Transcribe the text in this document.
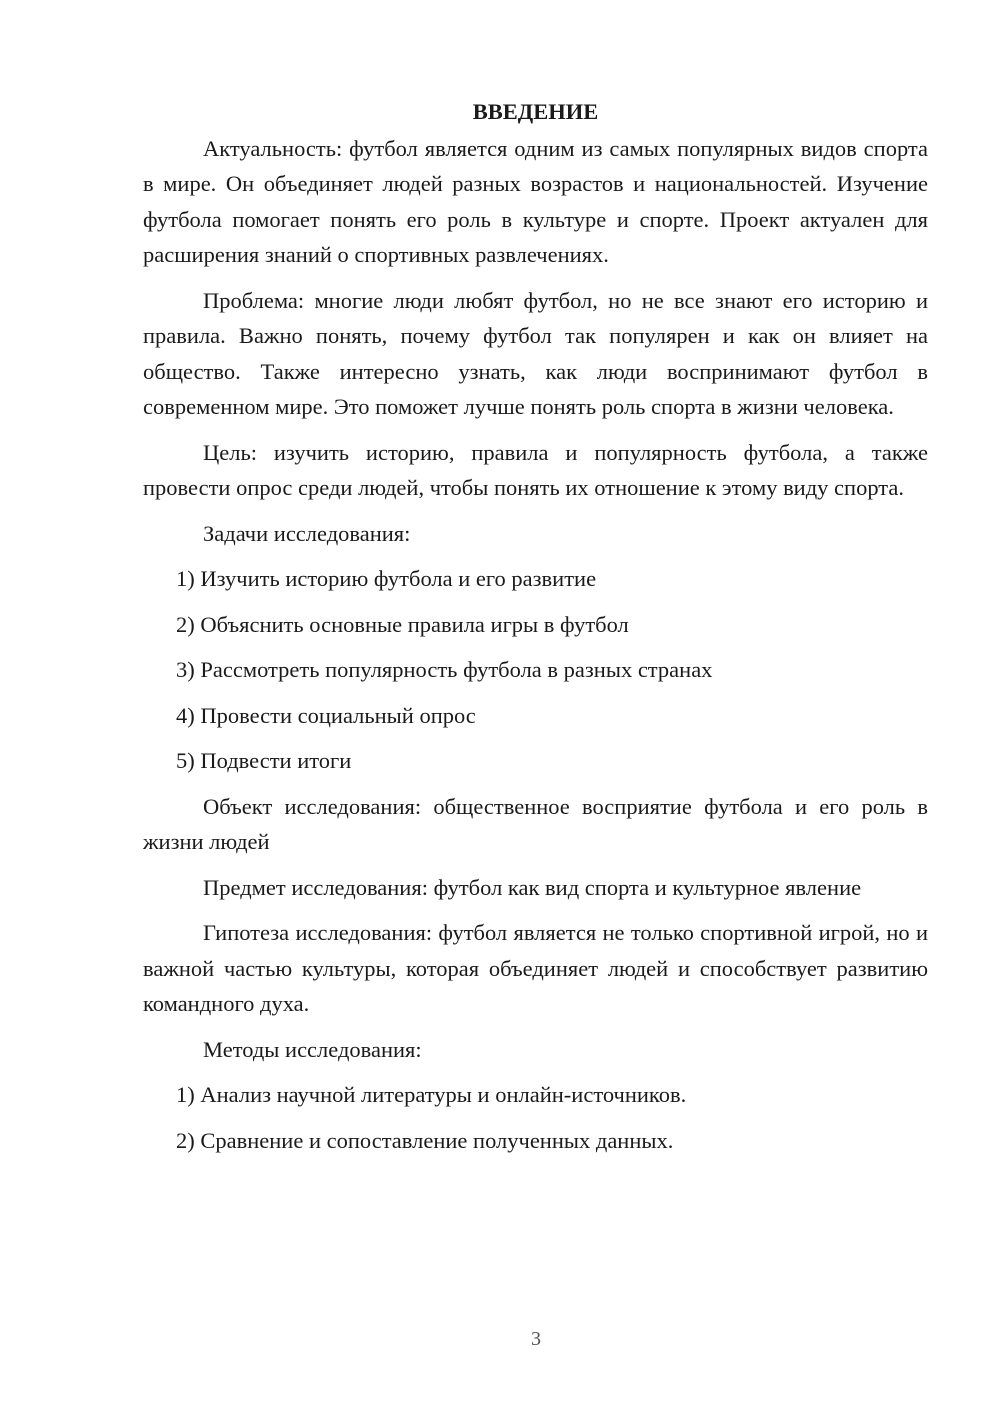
ВВЕДЕНИЕ
Актуальность: футбол является одним из самых популярных видов спорта в мире. Он объединяет людей разных возрастов и национальностей. Изучение футбола помогает понять его роль в культуре и спорте. Проект актуален для расширения знаний о спортивных развлечениях.
Проблема: многие люди любят футбол, но не все знают его историю и правила. Важно понять, почему футбол так популярен и как он влияет на общество. Также интересно узнать, как люди воспринимают футбол в современном мире. Это поможет лучше понять роль спорта в жизни человека.
Цель: изучить историю, правила и популярность футбола, а также провести опрос среди людей, чтобы понять их отношение к этому виду спорта.
Задачи исследования:
1) Изучить историю футбола и его развитие
2) Объяснить основные правила игры в футбол
3) Рассмотреть популярность футбола в разных странах
4) Провести социальный опрос
5) Подвести итоги
Объект исследования: общественное восприятие футбола и его роль в жизни людей
Предмет исследования: футбол как вид спорта и культурное явление
Гипотеза исследования: футбол является не только спортивной игрой, но и важной частью культуры, которая объединяет людей и способствует развитию командного духа.
Методы исследования:
1) Анализ научной литературы и онлайн-источников.
2) Сравнение и сопоставление полученных данных.
3
